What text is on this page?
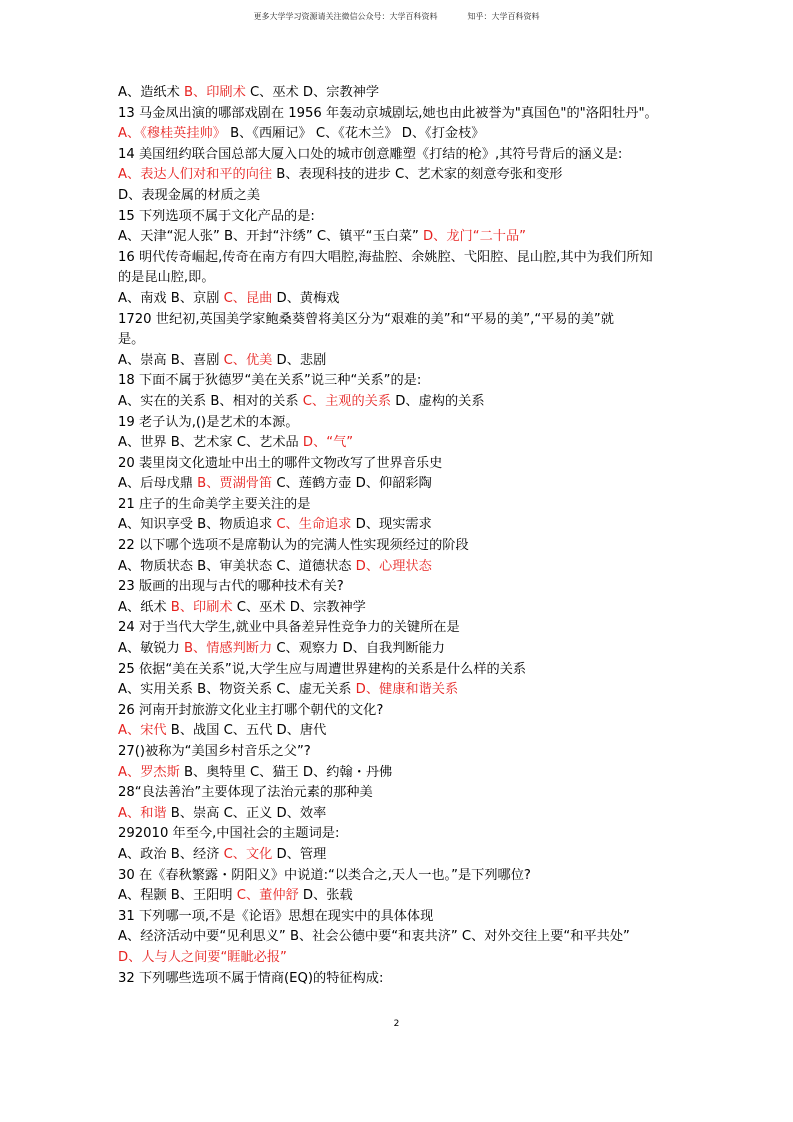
更多大学学习资源请关注微信公众号：大学百科资料	知乎：大学百科资料
A、造纸术 B、印刷术 C、巫术 D、宗教神学
13 马金凤出演的哪部戏剧在 1956 年轰动京城剧坛,她也由此被誉为"真国色"的"洛阳牡丹"。
A、《穆桂英挂帅》 B、《西厢记》 C、《花木兰》 D、《打金枝》
14 美国纽约联合国总部大厦入口处的城市创意雕塑《打结的枪》,其符号背后的涵义是:
A、表达人们对和平的向往 B、表现科技的进步 C、艺术家的刻意夸张和变形
D、表现金属的材质之美
15 下列选项不属于文化产品的是:
A、天津“泥人张” B、开封“汴绣” C、镇平“玉白菜” D、龙门“二十品”
16 明代传奇崛起,传奇在南方有四大唱腔,海盐腔、余姚腔、弋阳腔、昆山腔,其中为我们所知
的是昆山腔,即。
A、南戏 B、京剧 C、昆曲 D、黄梅戏
1720 世纪初,英国美学家鲍桑葵曾将美区分为“艰难的美”和“平易的美”,“平易的美”就
是。
A、崇高 B、喜剧 C、优美 D、悲剧
18 下面不属于狄德罗“美在关系”说三种“关系”的是:
A、实在的关系 B、相对的关系 C、主观的关系 D、虚构的关系
19 老子认为,()是艺术的本源。
A、世界 B、艺术家 C、艺术品 D、“气”
20 裴里岗文化遗址中出土的哪件文物改写了世界音乐史
A、后母戊鼎 B、贾湖骨笛 C、莲鹤方壶 D、仰韶彩陶
21 庄子的生命美学主要关注的是
A、知识享受 B、物质追求 C、生命追求 D、现实需求
22 以下哪个选项不是席勒认为的完满人性实现须经过的阶段
A、物质状态 B、审美状态 C、道德状态 D、心理状态
23 版画的出现与古代的哪种技术有关?
A、纸术 B、印刷术 C、巫术 D、宗教神学
24 对于当代大学生,就业中具备差异性竞争力的关键所在是
A、敏锐力 B、情感判断力 C、观察力 D、自我判断能力
25 依据“美在关系”说,大学生应与周遭世界建构的关系是什么样的关系
A、实用关系 B、物资关系 C、虚无关系 D、健康和谐关系
26 河南开封旅游文化业主打哪个朝代的文化?
A、宋代 B、战国 C、五代 D、唐代
27()被称为“美国乡村音乐之父”?
A、罗杰斯 B、奥特里 C、猫王 D、约翰・丹佛
28“良法善治”主要体现了法治元素的那种美
A、和谐 B、崇高 C、正义 D、效率
292010 年至今,中国社会的主题词是:
A、政治 B、经济 C、文化 D、管理
30 在《春秋繁露・阴阳义》中说道:“以类合之,天人一也。”是下列哪位?
A、程颢 B、王阳明 C、董仲舒 D、张载
31 下列哪一项,不是《论语》思想在现实中的具体体现
A、经济活动中要“见利思义” B、社会公德中要“和衷共济” C、对外交往上要“和平共处”
D、人与人之间要“睚眦必报”
32 下列哪些选项不属于情商(EQ)的特征构成:
2
